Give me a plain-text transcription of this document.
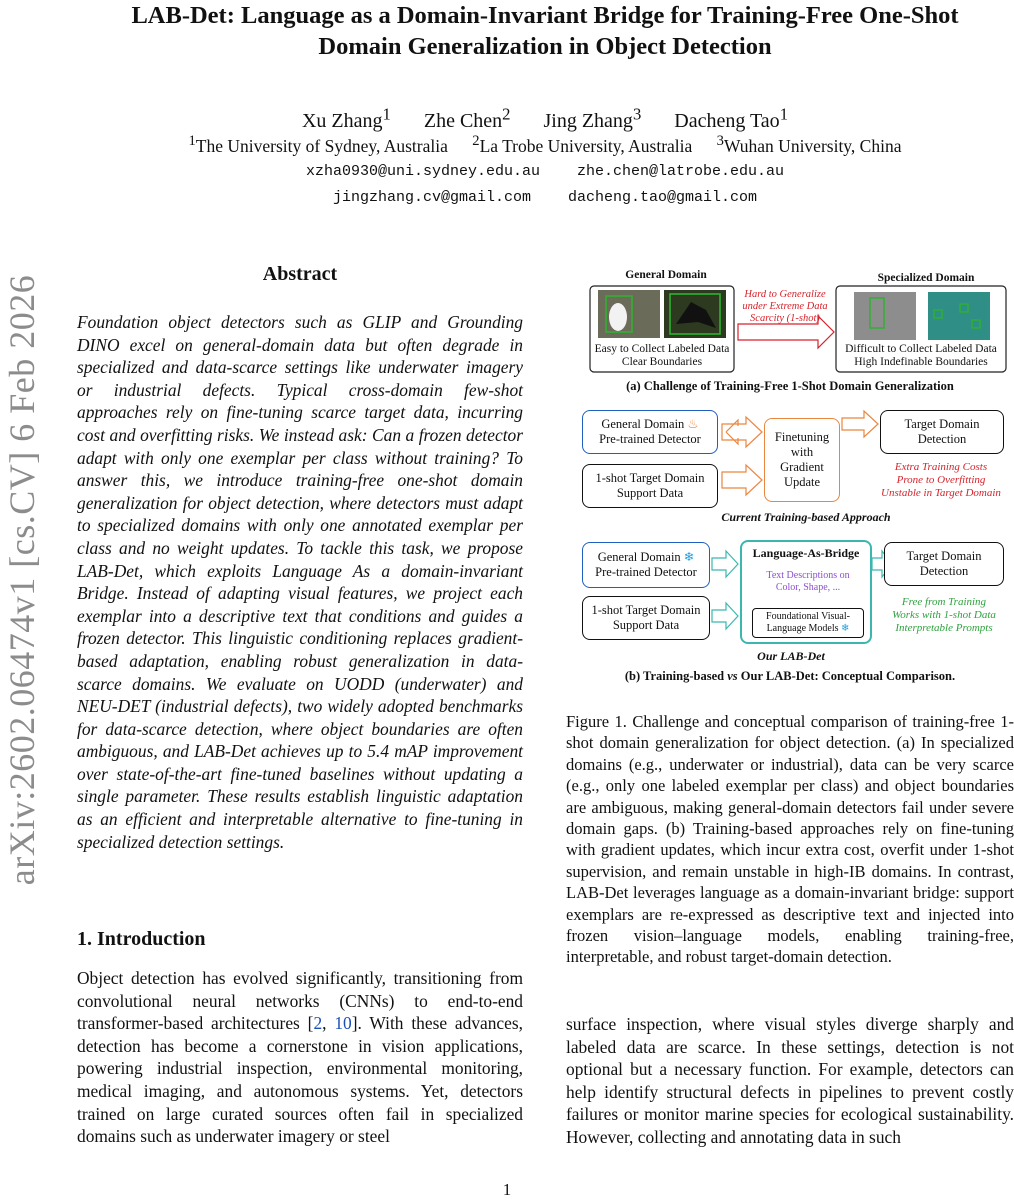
arXiv:2602.06474v1 [cs.CV] 6 Feb 2026
LAB-Det: Language as a Domain-Invariant Bridge for Training-Free One-Shot
Domain Generalization in Object Detection
Xu Zhang$^1$ Zhe Chen$^2$ Jing Zhang$^3$ Dacheng Tao$^1$
$^1$The University of Sydney, Australia $^2$La Trobe University, Australia $^3$Wuhan University, China
xzha0930@uni.sydney.edu.au zhe.chen@latrobe.edu.au
jingzhang.cv@gmail.com dacheng.tao@gmail.com
Abstract
Foundation object detectors such as GLIP and Grounding DINO excel on general-domain data but often degrade in specialized and data-scarce settings like underwater imagery or industrial defects. Typical cross-domain few-shot approaches rely on fine-tuning scarce target data, incurring cost and overfitting risks. We instead ask: Can a frozen detector adapt with only one exemplar per class without training? To answer this, we introduce training-free one-shot domain generalization for object detection, where detectors must adapt to specialized domains with only one annotated exemplar per class and no weight updates. To tackle this task, we propose LAB-Det, which exploits Language As a domain-invariant Bridge. Instead of adapting visual features, we project each exemplar into a descriptive text that conditions and guides a frozen detector. This linguistic conditioning replaces gradient-based adaptation, enabling robust generalization in data-scarce domains. We evaluate on UODD (underwater) and NEU-DET (industrial defects), two widely adopted benchmarks for data-scarce detection, where object boundaries are often ambiguous, and LAB-Det achieves up to 5.4 mAP improvement over state-of-the-art fine-tuned baselines without updating a single parameter. These results establish linguistic adaptation as an efficient and interpretable alternative to fine-tuning in specialized detection settings.
1. Introduction
Object detection has evolved significantly, transitioning from convolutional neural networks (CNNs) to end-to-end transformer-based architectures [2, 10]. With these advances, detection has become a cornerstone in vision applications, powering industrial inspection, environmental monitoring, medical imaging, and autonomous systems. Yet, detectors trained on large curated sources often fail in specialized domains such as underwater imagery or steel
surface inspection, where visual styles diverge sharply and labeled data are scarce. In these settings, detection is not optional but a necessary function. For example, detectors can help identify structural defects in pipelines to prevent costly failures or monitor marine species for ecological sustainability. However, collecting and annotating data in such
General Domain	Specialized Domain
Easy to Collect Labeled Data
Clear Boundaries
Difficult to Collect Labeled Data
High Indefinable Boundaries
Hard to Generalize
under Extreme Data
Scarcity (1-shot)
(a) Challenge of Training-Free 1-Shot Domain Generalization
General Domain ♨
Pre-trained Detector
1-shot Target Domain
Support Data
Finetuning
with
Gradient
Update
Target Domain
Detection
Extra Training Costs
Prone to Overfitting
Unstable in Target Domain
Current Training-based Approach
General Domain ❄
Pre-trained Detector
1-shot Target Domain
Support Data
Language-As-Bridge
Text Descriptions on
Color, Shape, ...
Foundational Visual-
Language Models ❄
Target Domain
Detection
Free from Training
Works with 1-shot Data
Interpretable Prompts
Our LAB-Det
(b) Training-based vs Our LAB-Det: Conceptual Comparison.
Figure 1. Challenge and conceptual comparison of training-free 1-shot domain generalization for object detection. (a) In specialized domains (e.g., underwater or industrial), data can be very scarce (e.g., only one labeled exemplar per class) and object boundaries are ambiguous, making general-domain detectors fail under severe domain gaps. (b) Training-based approaches rely on fine-tuning with gradient updates, which incur extra cost, overfit under 1-shot supervision, and remain unstable in high-IB domains. In contrast, LAB-Det leverages language as a domain-invariant bridge: support exemplars are re-expressed as descriptive text and injected into frozen vision–language models, enabling training-free, interpretable, and robust target-domain detection.
1
